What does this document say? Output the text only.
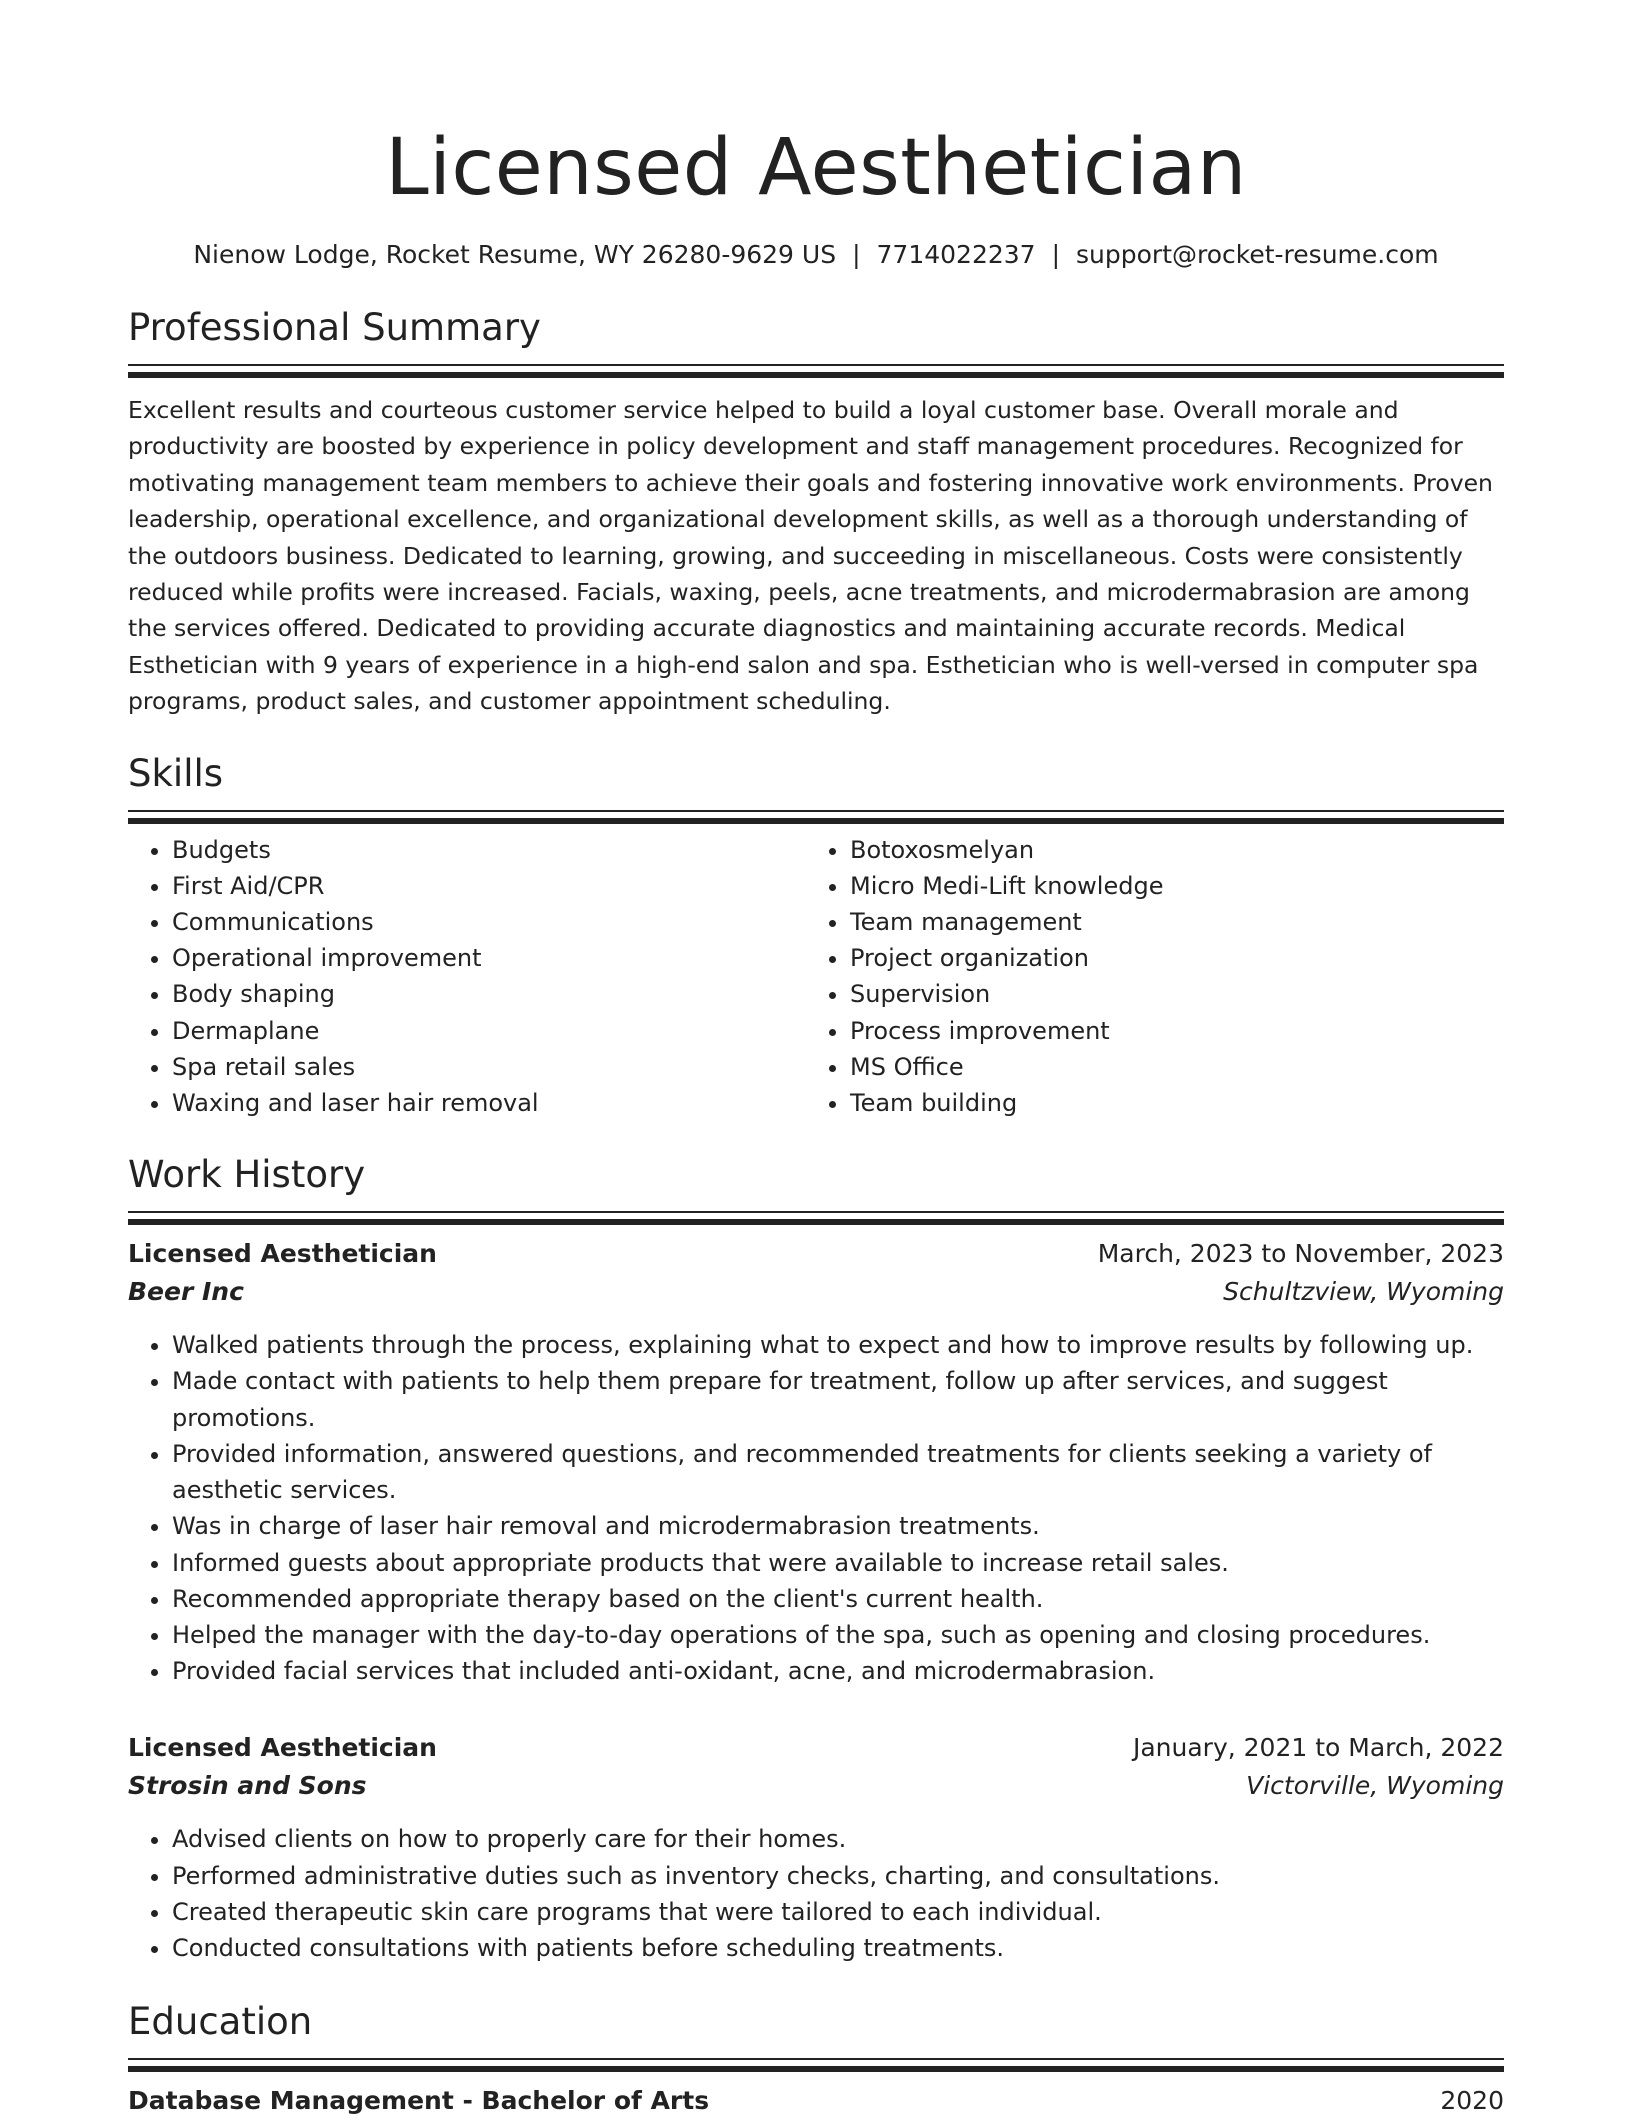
Licensed Aesthetician
Nienow Lodge, Rocket Resume, WY 26280-9629 US | 7714022237 | support@rocket-resume.com
Professional Summary

Excellent results and courteous customer service helped to build a loyal customer base. Overall morale and productivity are boosted by experience in policy development and staff management procedures. Recognized for motivating management team members to achieve their goals and fostering innovative work environments. Proven leadership, operational excellence, and organizational development skills, as well as a thorough understanding of the outdoors business. Dedicated to learning, growing, and succeeding in miscellaneous. Costs were consistently reduced while profits were increased. Facials, waxing, peels, acne treatments, and microdermabrasion are among the services offered. Dedicated to providing accurate diagnostics and maintaining accurate records. Medical Esthetician with 9 years of experience in a high-end salon and spa. Esthetician who is well-versed in computer spa programs, product sales, and customer appointment scheduling.

Skills
• Budgets
• First Aid/CPR
• Communications
• Operational improvement
• Body shaping
• Dermaplane
• Spa retail sales
• Waxing and laser hair removal
• Botoxosmelyan
• Micro Medi-Lift knowledge
• Team management
• Project organization
• Supervision
• Process improvement
• MS Office
• Team building
Work History
Licensed Aesthetician	March, 2023 to November, 2023
Beer Inc	Schultzview, Wyoming
• Walked patients through the process, explaining what to expect and how to improve results by following up.
• Made contact with patients to help them prepare for treatment, follow up after services, and suggest promotions.
• Provided information, answered questions, and recommended treatments for clients seeking a variety of aesthetic services.
• Was in charge of laser hair removal and microdermabrasion treatments.
• Informed guests about appropriate products that were available to increase retail sales.
• Recommended appropriate therapy based on the client's current health.
• Helped the manager with the day-to-day operations of the spa, such as opening and closing procedures.
• Provided facial services that included anti-oxidant, acne, and microdermabrasion.
Licensed Aesthetician	January, 2021 to March, 2022
Strosin and Sons	Victorville, Wyoming
• Advised clients on how to properly care for their homes.
• Performed administrative duties such as inventory checks, charting, and consultations.
• Created therapeutic skin care programs that were tailored to each individual.
• Conducted consultations with patients before scheduling treatments.
Education
Database Management - Bachelor of Arts	2020
